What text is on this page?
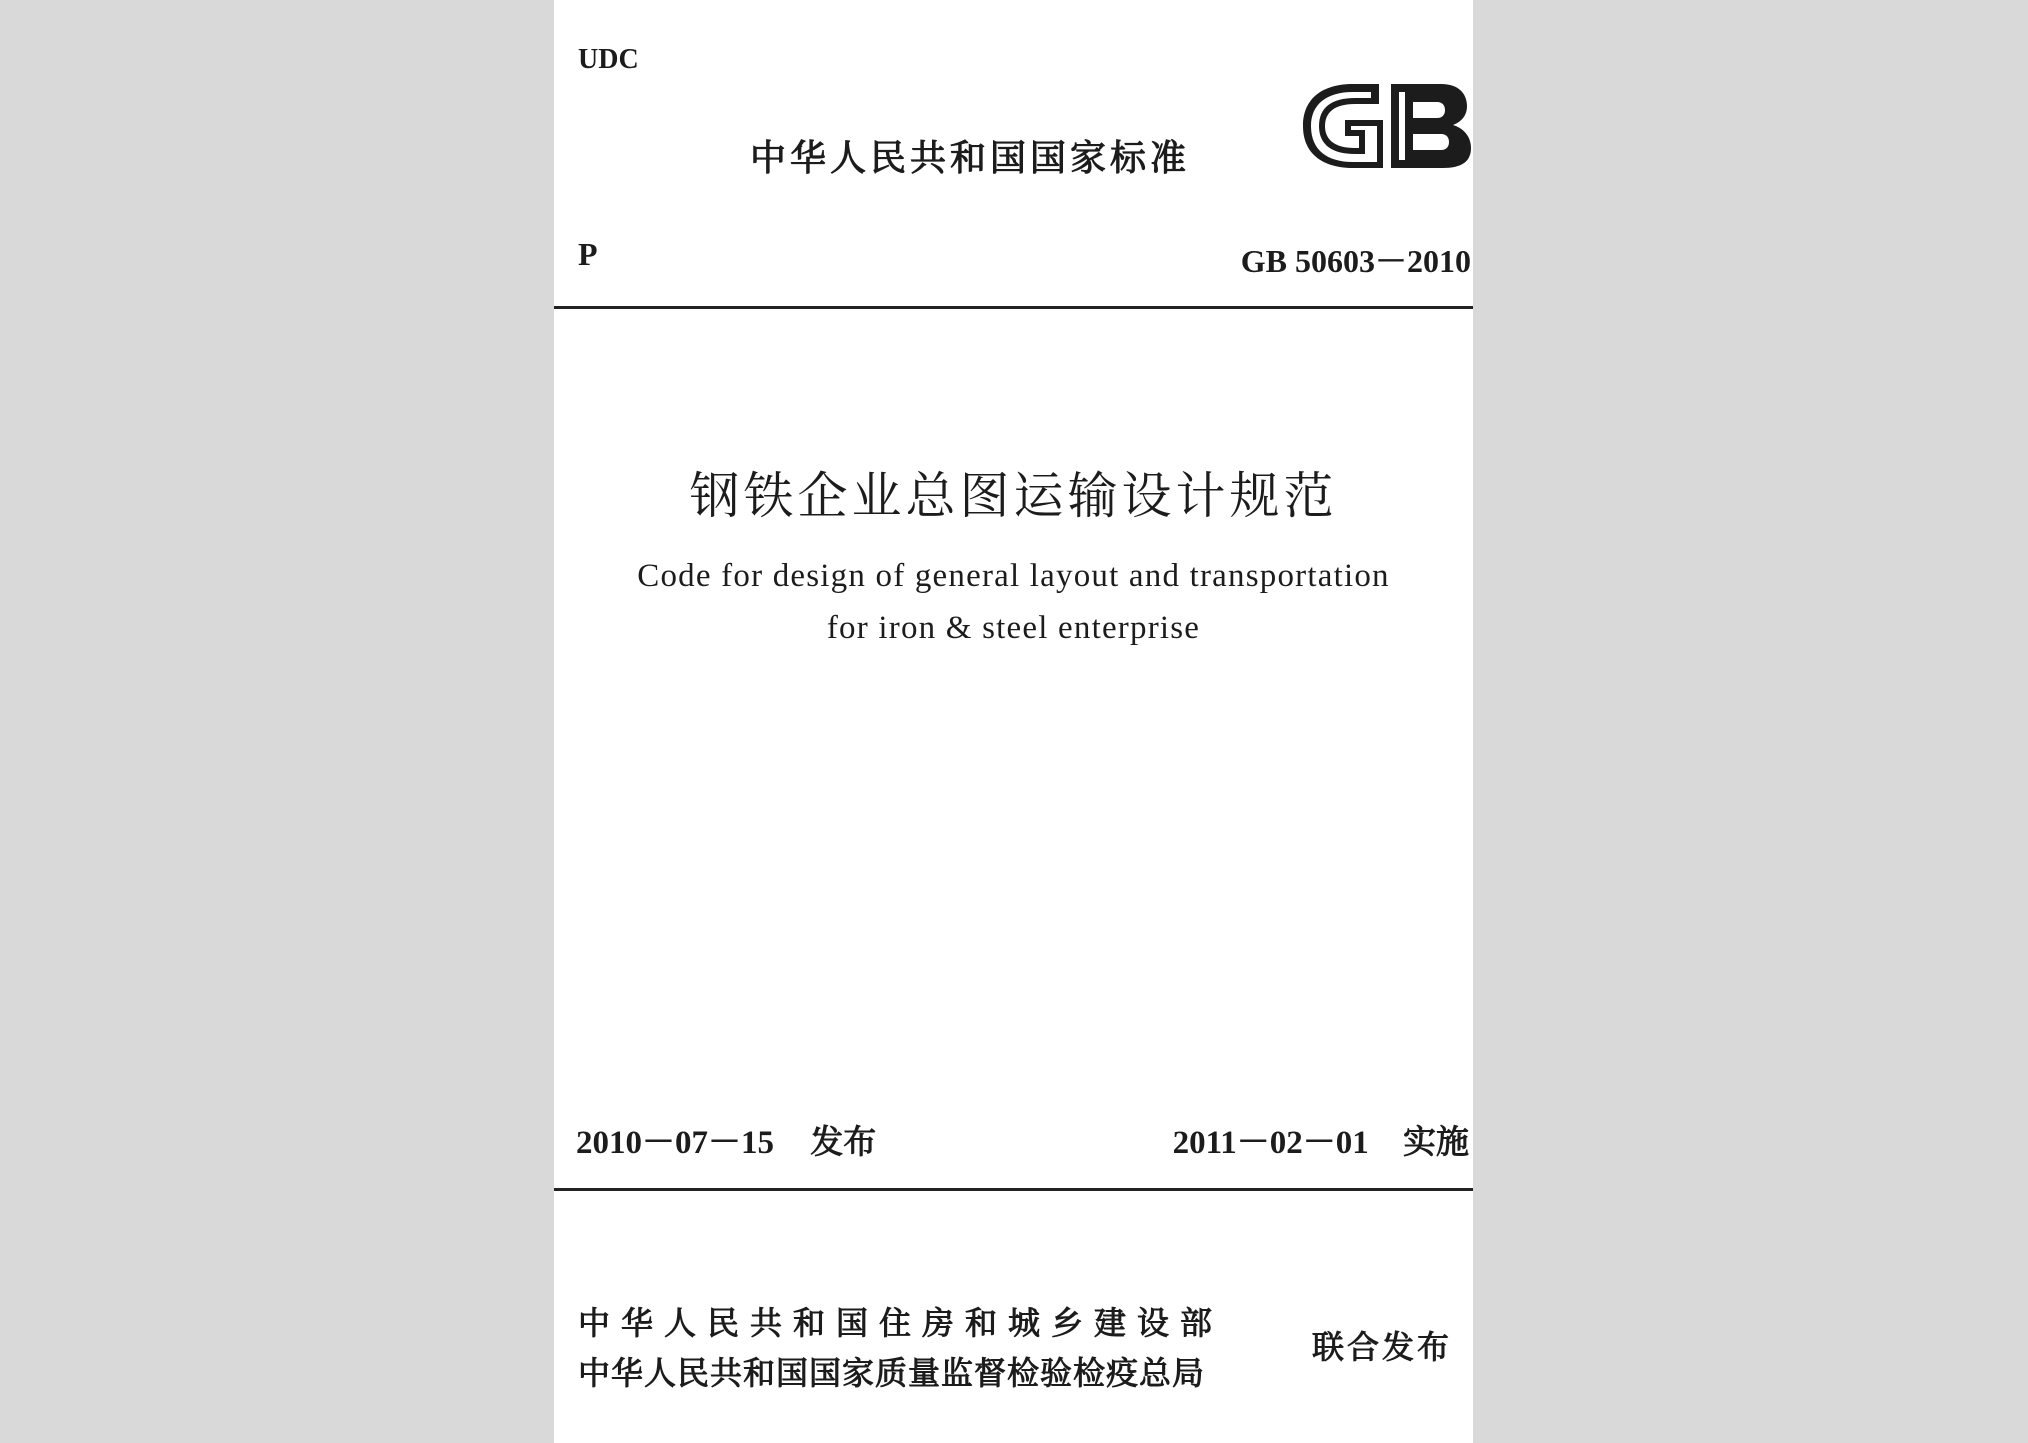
UDC
中华人民共和国国家标准
P	GB 50603－2010
钢铁企业总图运输设计规范
Code for design of general layout and transportation
for iron & steel enterprise
2010－07－15 发布	2011－02－01 实施
中华人民共和国住房和城乡建设部
中华人民共和国国家质量监督检验检疫总局
联合发布
